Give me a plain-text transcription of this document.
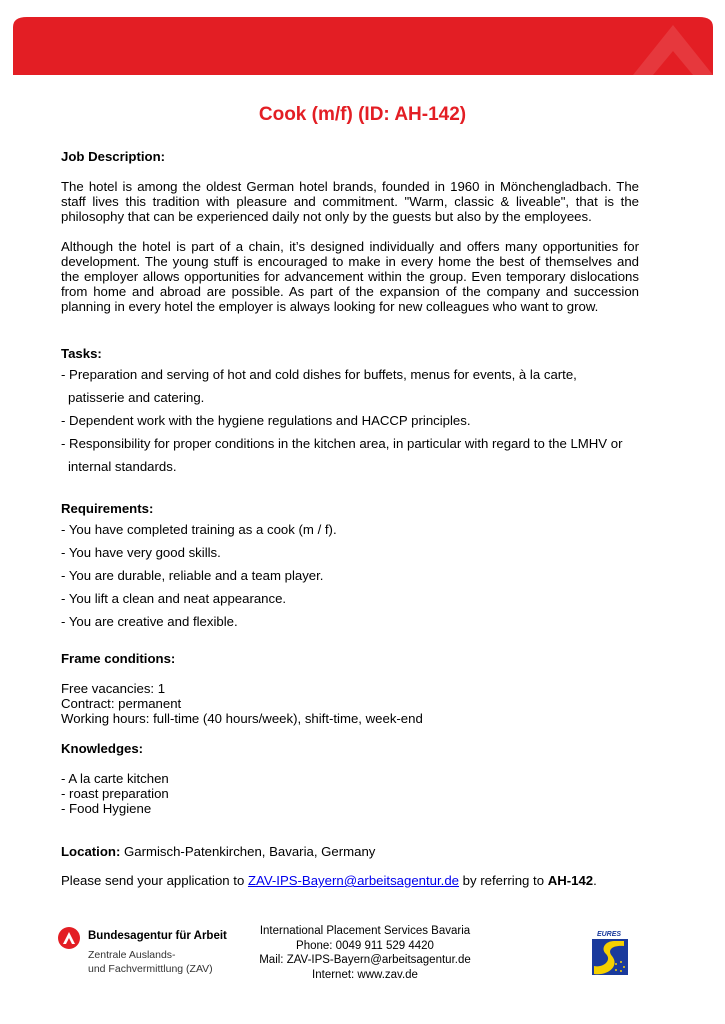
Cook (m/f) (ID: AH-142)
Job Description:

The hotel is among the oldest German hotel brands, founded in 1960 in Mönchengladbach. The staff lives this tradition with pleasure and commitment. "Warm, classic & liveable", that is the philosophy that can be experienced daily not only by the guests but also by the employees.

Although the hotel is part of a chain, it’s designed individually and offers many opportunities for development. The young stuff is encouraged to make in every home the best of themselves and the employer allows opportunities for advancement within the group. Even temporary dislocations from home and abroad are possible. As part of the expansion of the company and succession planning in every hotel the employer is always looking for new colleagues who want to grow.

Tasks:
- Preparation and serving of hot and cold dishes for buffets, menus for events, à la carte,
patisserie and catering.
- Dependent work with the hygiene regulations and HACCP principles.
- Responsibility for proper conditions in the kitchen area, in particular with regard to the LMHV or
internal standards.
Requirements:
- You have completed training as a cook (m / f).
- You have very good skills.
- You are durable, reliable and a team player.
- You lift a clean and neat appearance.
- You are creative and flexible.
Frame conditions:
Free vacancies: 1
Contract: permanent
Working hours: full-time (40 hours/week), shift-time, week-end
Knowledges:
- A la carte kitchen
- roast preparation
- Food Hygiene
Location: Garmisch-Patenkirchen, Bavaria, Germany
Please send your application to ZAV-IPS-Bayern@arbeitsagentur.de by referring to AH-142.
Bundesagentur für Arbeit
Zentrale Auslands-
und Fachvermittlung (ZAV)
International Placement Services Bavaria
Phone: 0049 911 529 4420
Mail: ZAV-IPS-Bayern@arbeitsagentur.de
Internet: www.zav.de
EURES
